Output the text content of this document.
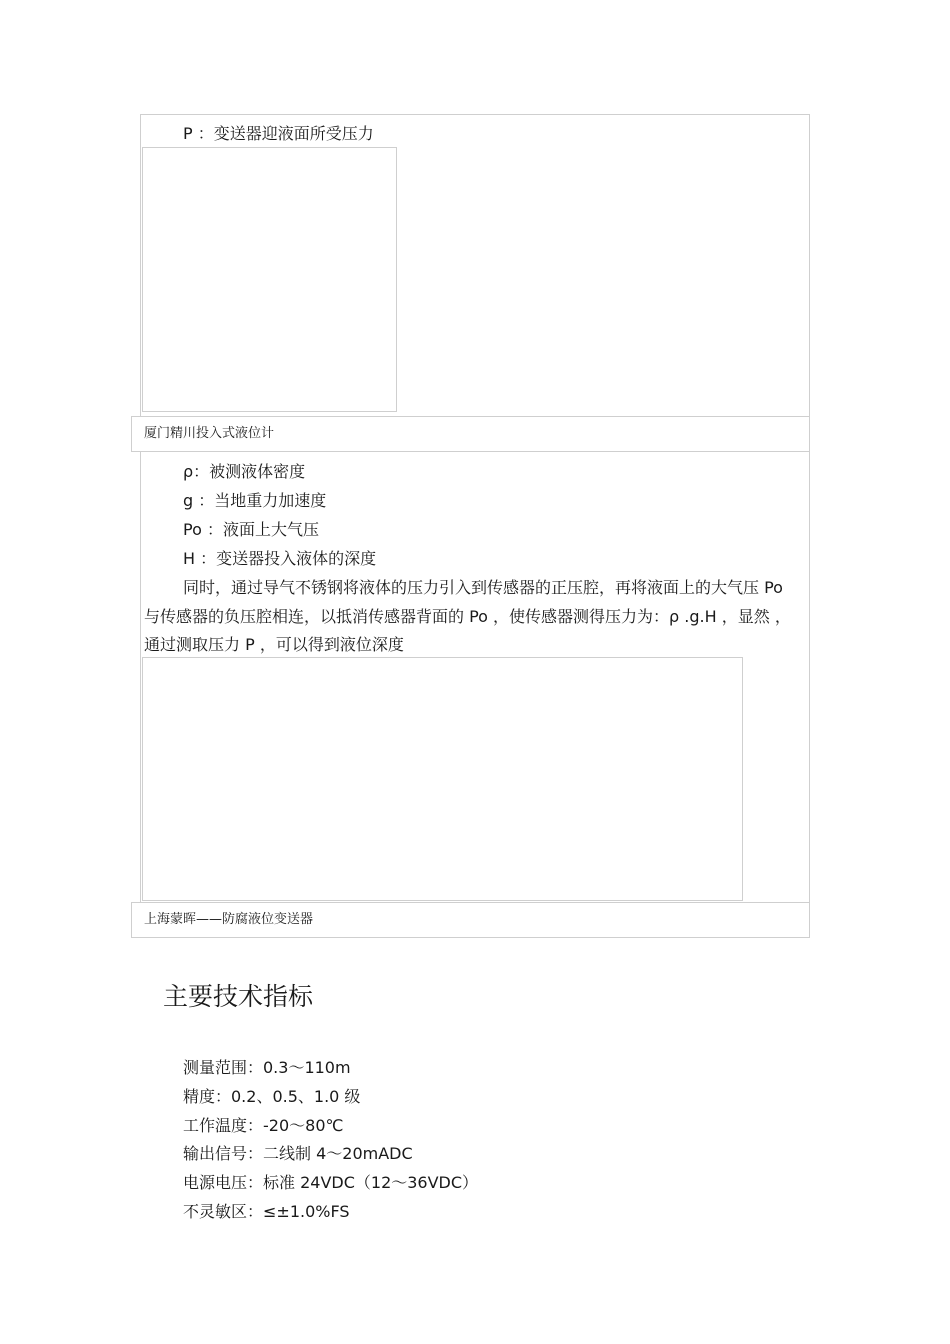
P ：变送器迎液面所受压力
厦门精川投入式液位计
ρ：被测液体密度
g ：当地重力加速度
Po ：液面上大气压
H ：变送器投入液体的深度
同时，通过导气不锈钢将液体的压力引入到传感器的正压腔，再将液面上的大气压 Po
与传感器的负压腔相连，以抵消传感器背面的 Po ，使传感器测得压力为：ρ .g.H ，显然 ，
通过测取压力 P ，可以得到液位深度
上海蒙晖——防腐液位变送器
主要技术指标
测量范围：0.3～110m
精度：0.2、0.5、1.0 级
工作温度：-20～80℃
输出信号：二线制 4～20mADC
电源电压：标准 24VDC（12～36VDC）
不灵敏区：≤±1.0%FS
